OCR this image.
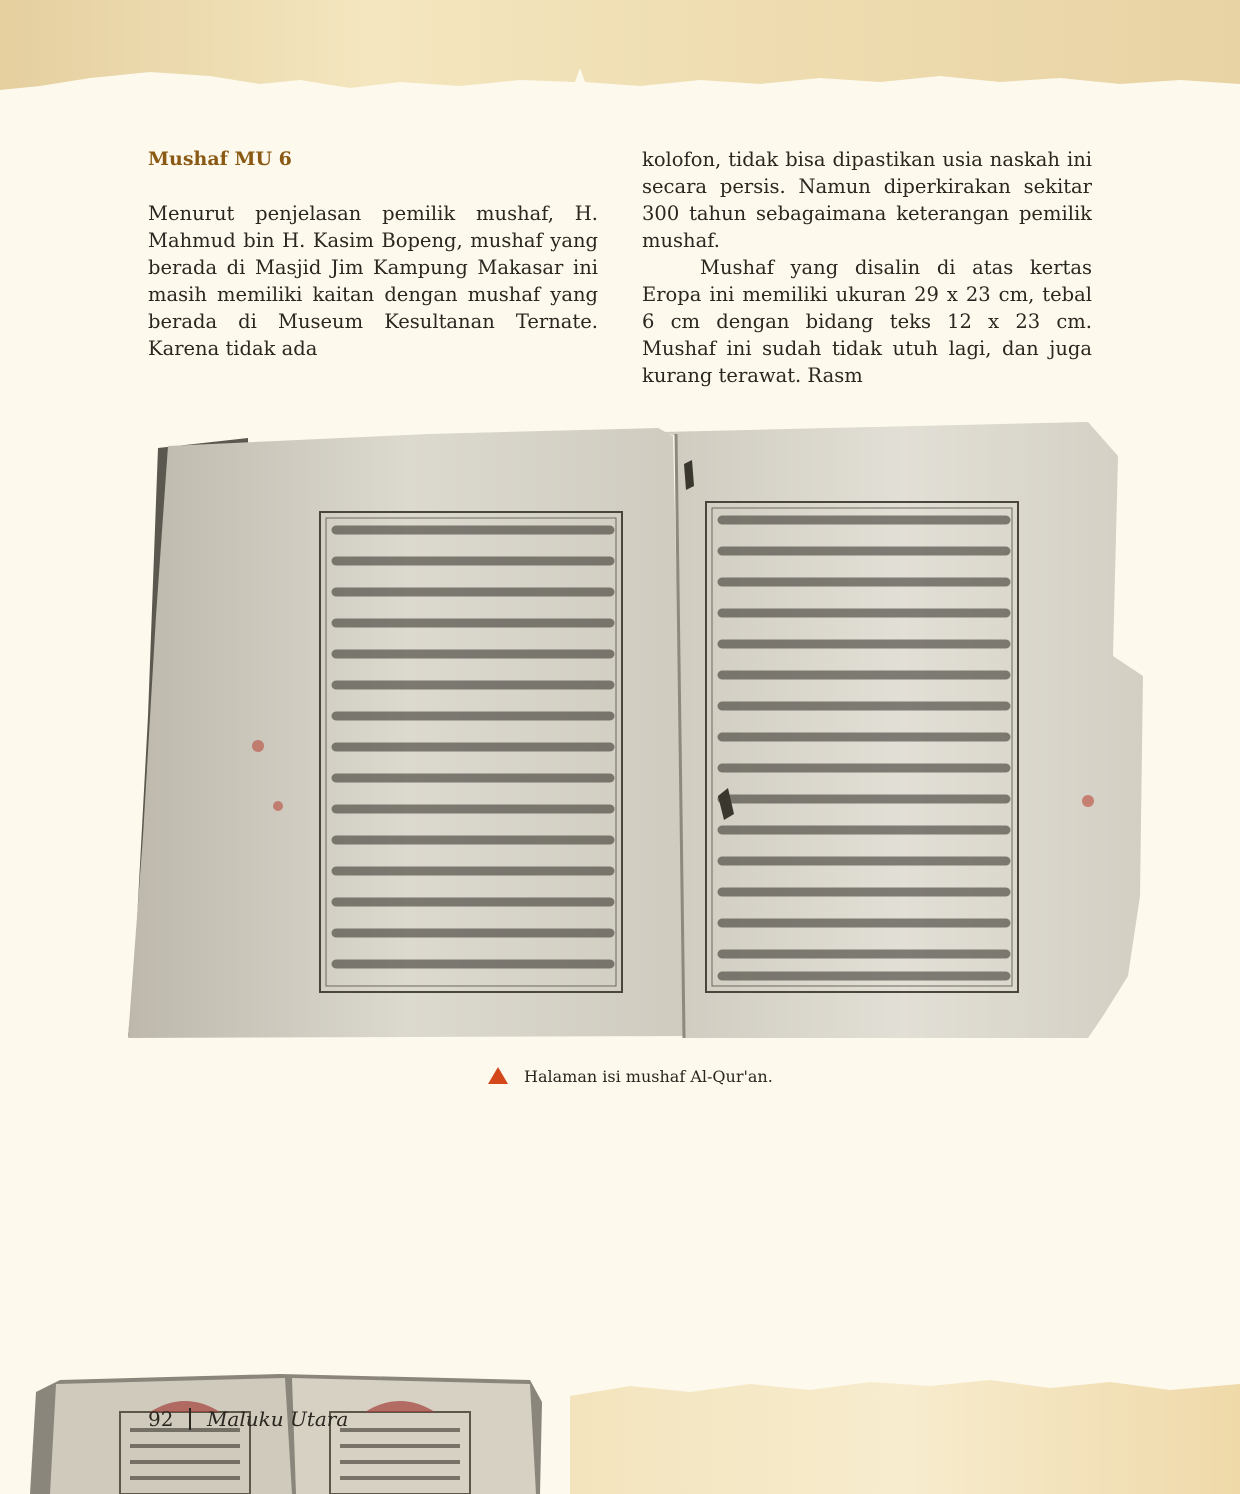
Mushaf MU 6

Menurut penjelasan pemilik mushaf, H. Mahmud bin H. Kasim Bopeng, mushaf yang berada di Masjid Jim Kampung Makasar ini masih memiliki kaitan dengan mushaf yang berada di Museum Kesultanan Ternate. Karena tidak ada

kolofon, tidak bisa dipastikan usia naskah ini secara persis. Namun diperkirakan sekitar 300 tahun sebagaimana keterangan pemilik mushaf.

Mushaf yang disalin di atas kertas Eropa ini memiliki ukuran 29 x 23 cm, tebal 6 cm dengan bidang teks 12 x 23 cm. Mushaf ini sudah tidak utuh lagi, dan juga kurang terawat. Rasm

Halaman isi mushaf Al-Qur'an.
92 Maluku Utara
